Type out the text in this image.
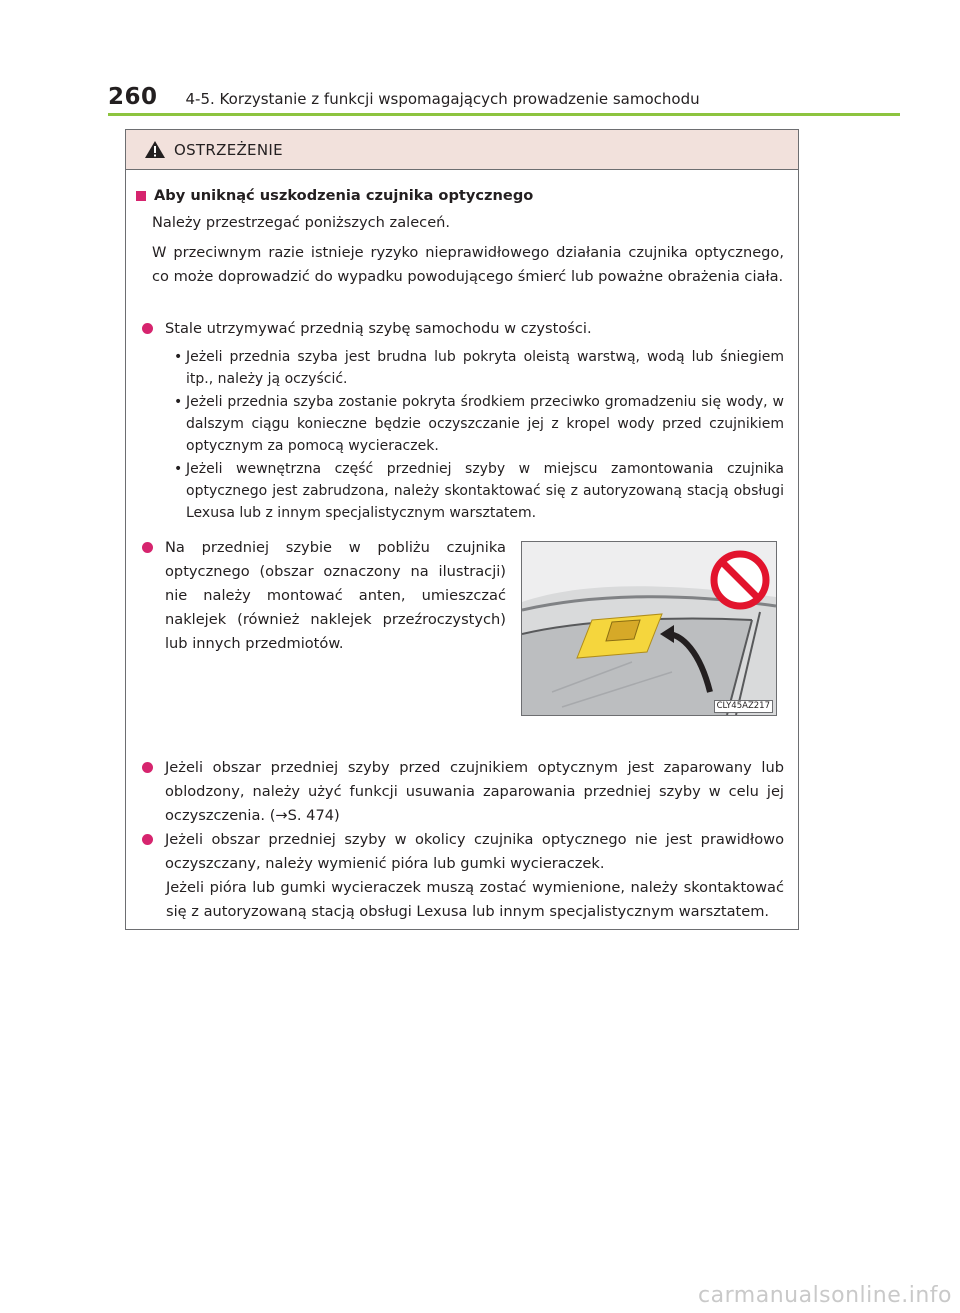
260 4-5. Korzystanie z funkcji wspomagających prowadzenie samochodu
OSTRZEŻENIE
Aby uniknąć uszkodzenia czujnika optycznego
Należy przestrzegać poniższych zaleceń.
W przeciwnym razie istnieje ryzyko nieprawidłowego działania czujnika optycznego, co może doprowadzić do wypadku powodującego śmierć lub poważne obrażenia ciała.
Stale utrzymywać przednią szybę samochodu w czystości.
• Jeżeli przednia szyba jest brudna lub pokryta oleistą warstwą, wodą lub śniegiem itp., należy ją oczyścić.
• Jeżeli przednia szyba zostanie pokryta środkiem przeciwko gromadzeniu się wody, w dalszym ciągu konieczne będzie oczyszczanie jej z kropel wody przed czujnikiem optycznym za pomocą wycieraczek.
• Jeżeli wewnętrzna część przedniej szyby w miejscu zamontowania czujnika optycznego jest zabrudzona, należy skontaktować się z autoryzowaną stacją obsługi Lexusa lub z innym specjalistycznym warsztatem.
Na przedniej szybie w pobliżu czujnika optycznego (obszar oznaczony na ilustracji) nie należy montować anten, umieszczać naklejek (również naklejek przeźroczystych) lub innych przedmiotów.
Jeżeli obszar przedniej szyby przed czujnikiem optycznym jest zaparowany lub oblodzony, należy użyć funkcji usuwania zaparowania przedniej szyby w celu jej oczyszczenia. (→S. 474)
Jeżeli obszar przedniej szyby w okolicy czujnika optycznego nie jest prawidłowo oczyszczany, należy wymienić pióra lub gumki wycieraczek.
Jeżeli pióra lub gumki wycieraczek muszą zostać wymienione, należy skontaktować się z autoryzowaną stacją obsługi Lexusa lub innym specjalistycznym warsztatem.
CLY45AZ217
carmanualsonline.info
